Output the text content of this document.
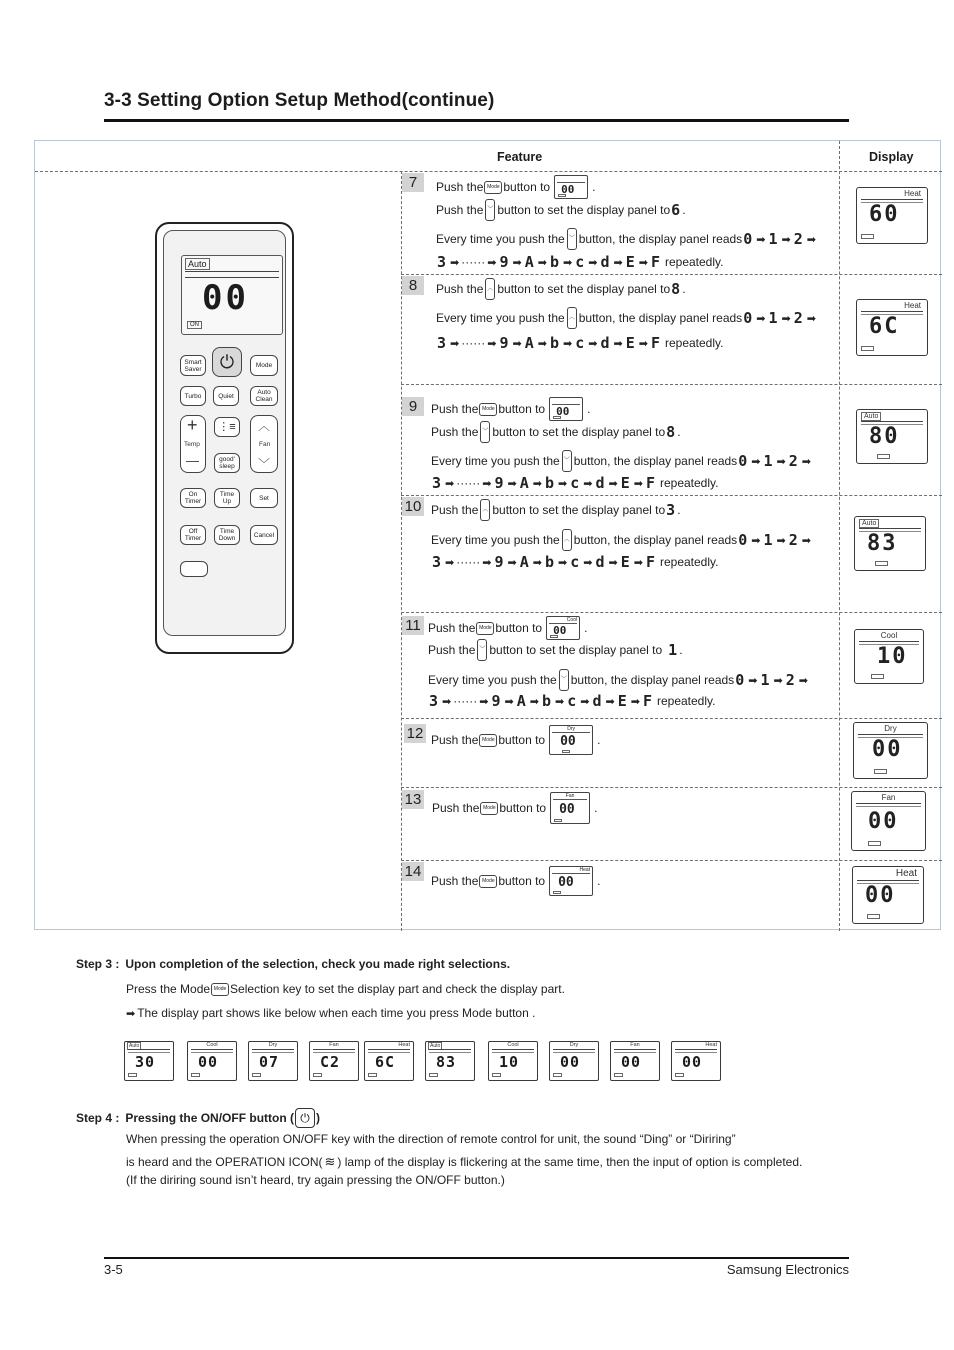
3-3 Setting Option Setup Method(continue)
Feature	Display
Auto
00
ON
Smart Saver ⏻	Mode
Turbo	Quiet	Auto Clean
+
Temp
—
⋮≡
good' sleep
︿
Fan
﹀
On Timer
Time Up	Set
Off Timer
Time Down	Cancel
7	Push the Mode button to 00 .
Push the ﹀ button to set the display panel to 6 .
Every time you push the ﹀ button, the display panel reads 0 ➡ 1 ➡ 2 ➡
3 ➡ ······ ➡ 9 ➡ A ➡ b ➡ c ➡ d ➡ E ➡ F repeatedly.
Heat
60
8	Push the ︿ button to set the display panel to 8 .
Every time you push the ︿ button, the display panel reads 0 ➡ 1 ➡ 2 ➡
3 ➡ ······ ➡ 9 ➡ A ➡ b ➡ c ➡ d ➡ E ➡ F repeatedly.
Heat
6C
9	Push the Mode button to 00 .
Push the ﹀ button to set the display panel to 8 .
Every time you push the ﹀ button, the display panel reads 0 ➡ 1 ➡ 2 ➡
3 ➡ ······ ➡ 9 ➡ A ➡ b ➡ c ➡ d ➡ E ➡ F repeatedly.
Auto
80
10 Push the ︿ button to set the display panel to 3 .
Every time you push the ︿ button, the display panel reads 0 ➡ 1 ➡ 2 ➡
3 ➡ ······ ➡ 9 ➡ A ➡ b ➡ c ➡ d ➡ E ➡ F repeatedly.
Auto
83
11 Push the Mode button to
Cool
00 .
Push the ﹀ button to set the display panel to 1 .
Every time you push the ﹀ button, the display panel reads 0 ➡ 1 ➡ 2 ➡
3 ➡ ······ ➡ 9 ➡ A ➡ b ➡ c ➡ d ➡ E ➡ F repeatedly.
Cool
10
12 Push the Mode button to
Dry
00 .
Dry
00
13 Push the Mode button to
Fan
00 .
Fan
00
14
Push the Mode button to
Heat
00 .
Heat
00
Step 3 : Upon completion of the selection, check you made right selections.
Press the Mode Mode Selection key to set the display part and check the display part.
➡ The display part shows like below when each time you press Mode button .
Auto
30
Cool
00
Dry
07
Fan
C2
Heat
6C
Auto
83
Cool
10
Dry
00
Fan
00
Heat
00
Step 4 : Pressing the ON/OFF button ( ⏻ )
When pressing the operation ON/OFF key with the direction of remote control for unit, the sound “Ding” or “Diriring”
is heard and the OPERATION ICON( ≋ ) lamp of the display is flickering at the same time, then the input of option is completed.
(If the diriring sound isn’t heard, try again pressing the ON/OFF button.)
3-5	Samsung Electronics
